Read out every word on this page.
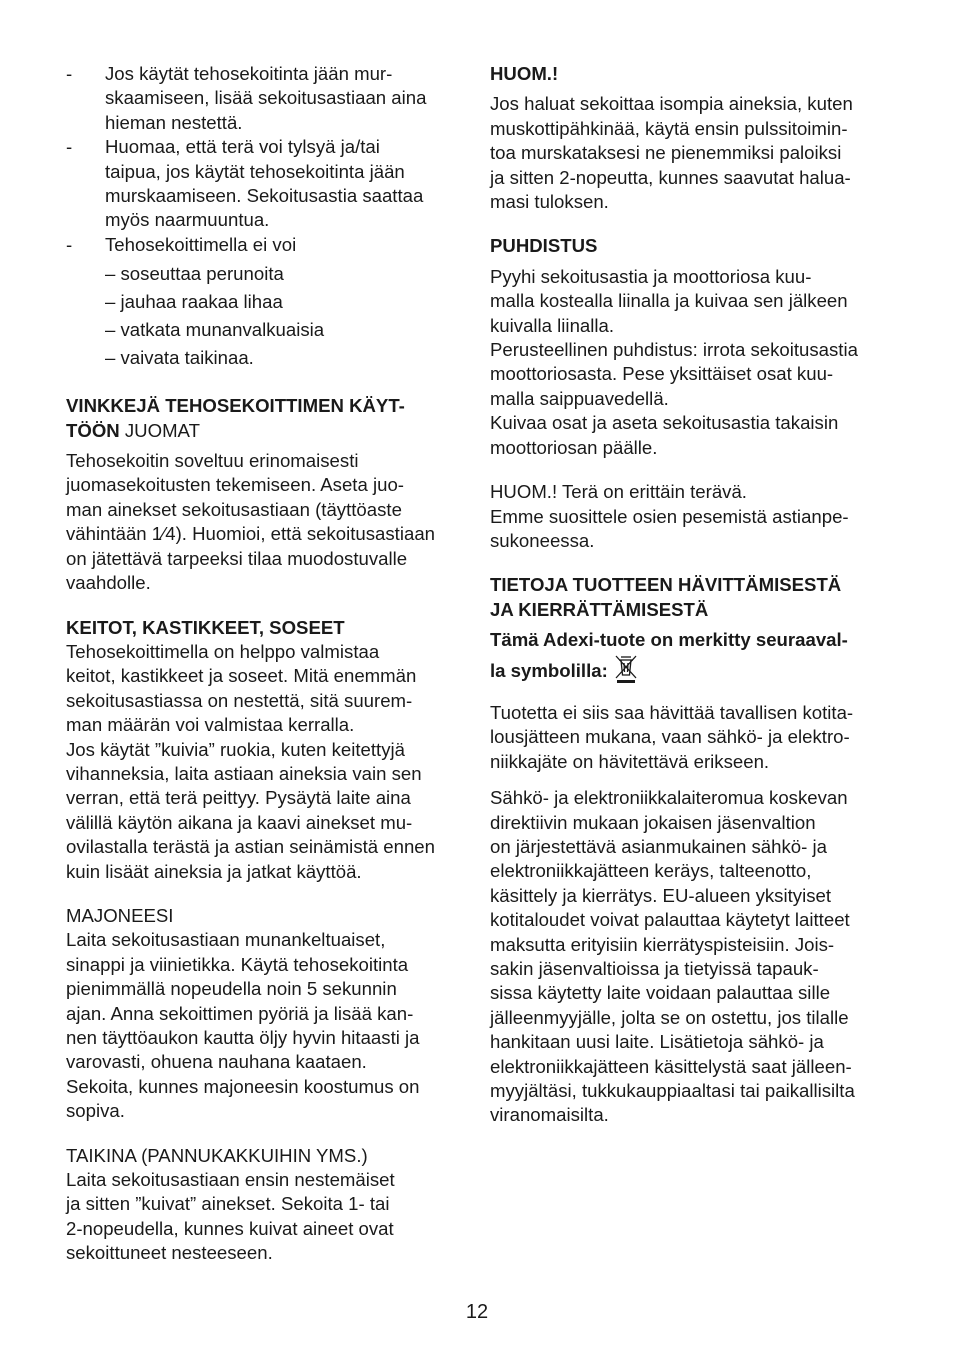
- Jos käytät tehosekoitinta jään mur-

skaamiseen, lisää sekoitusastiaan aina

hieman nestettä.

- Huomaa, että terä voi tylsyä ja/tai

taipua, jos käytät tehosekoitinta jään

murskaamiseen. Sekoitusastia saattaa

myös naarmuuntua.

- Tehosekoittimella ei voi

– soseuttaa perunoita

– jauhaa raakaa lihaa

– vatkata munanvalkuaisia

– vaivata taikinaa.

VINKKEJÄ TEHOSEKOITTIMEN KÄYT-

TÖÖN JUOMAT

Tehosekoitin soveltuu erinomaisesti

juomasekoitusten tekemiseen. Aseta juo-

man ainekset sekoitusastiaan (täyttöaste

vähintään 1⁄4). Huomioi, että sekoitusastiaan

on jätettävä tarpeeksi tilaa muodostuvalle

vaahdolle.

KEITOT, KASTIKKEET, SOSEET

Tehosekoittimella on helppo valmistaa

keitot, kastikkeet ja soseet. Mitä enemmän

sekoitusastiassa on nestettä, sitä suurem-

man määrän voi valmistaa kerralla.

Jos käytät ”kuivia” ruokia, kuten keitettyjä

vihanneksia, laita astiaan aineksia vain sen

verran, että terä peittyy. Pysäytä laite aina

välillä käytön aikana ja kaavi ainekset mu-

ovilastalla terästä ja astian seinämistä ennen

kuin lisäät aineksia ja jatkat käyttöä.

MAJONEESI

Laita sekoitusastiaan munankeltuaiset,

sinappi ja viinietikka. Käytä tehosekoitinta

pienimmällä nopeudella noin 5 sekunnin

ajan. Anna sekoittimen pyöriä ja lisää kan-

nen täyttöaukon kautta öljy hyvin hitaasti ja

varovasti, ohuena nauhana kaataen.

Sekoita, kunnes majoneesin koostumus on

sopiva.

TAIKINA (PANNUKAKKUIHIN YMS.)

Laita sekoitusastiaan ensin nestemäiset

ja sitten ”kuivat” ainekset. Sekoita 1- tai

2-nopeudella, kunnes kuivat aineet ovat

sekoittuneet nesteeseen.

HUOM.!

Jos haluat sekoittaa isompia aineksia, kuten

muskottipähkinää, käytä ensin pulssitoimin-

toa murskataksesi ne pienemmiksi paloiksi

ja sitten 2-nopeutta, kunnes saavutat halua-

masi tuloksen.

PUHDISTUS

Pyyhi sekoitusastia ja moottoriosa kuu-

malla kostealla liinalla ja kuivaa sen jälkeen

kuivalla liinalla.

Perusteellinen puhdistus: irrota sekoitusastia

moottoriosasta. Pese yksittäiset osat kuu-

malla saippuavedellä.

Kuivaa osat ja aseta sekoitusastia takaisin

moottoriosan päälle.

HUOM.! Terä on erittäin terävä.

Emme suosittele osien pesemistä astianpe-

sukoneessa.

TIETOJA TUOTTEEN HÄVITTÄMISESTÄ

JA KIERRÄTTÄMISESTÄ

Tämä Adexi-tuote on merkitty seuraaval-

la symbolilla:

Tuotetta ei siis saa hävittää tavallisen kotita-

lousjätteen mukana, vaan sähkö- ja elektro-

niikkajäte on hävitettävä erikseen.

Sähkö- ja elektroniikkalaiteromua koskevan

direktiivin mukaan jokaisen jäsenvaltion

on järjestettävä asianmukainen sähkö- ja

elektroniikkajätteen keräys, talteenotto,

käsittely ja kierrätys. EU-alueen yksityiset

kotitaloudet voivat palauttaa käytetyt laitteet

maksutta erityisiin kierrätyspisteisiin. Jois-

sakin jäsenvaltioissa ja tietyissä tapauk-

sissa käytetty laite voidaan palauttaa sille

jälleenmyyjälle, jolta se on ostettu, jos tilalle

hankitaan uusi laite. Lisätietoja sähkö- ja

elektroniikkajätteen käsittelystä saat jälleen-

myyjältäsi, tukkukauppiaaltasi tai paikallisilta

viranomaisilta.

12
